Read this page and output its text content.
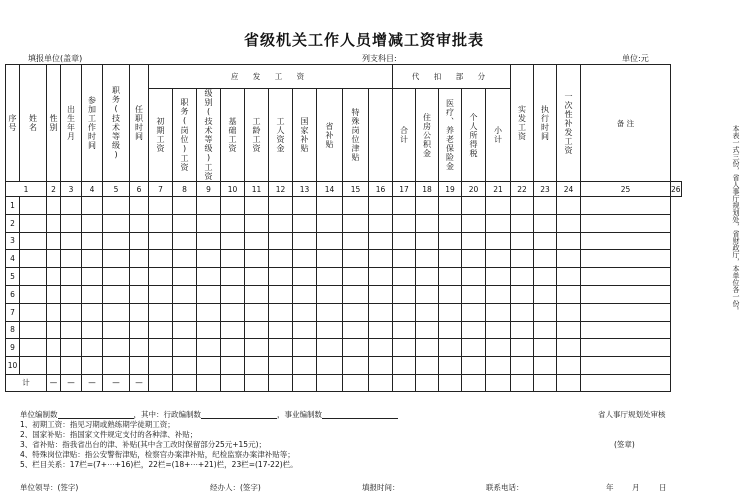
省级机关工作人员增减工资审批表
填报单位(盖章)	列支科目:	单位:元
序号	姓名	性别	出生年月	参加工作时间	职务(技术等级)	任职时间	应 发 工 资										代 扣 部 分					实发工资	执行时间	一次性补发工资	备 注	

							初期工资	职务(岗位)工资	级别(技术等级)工资	基础工资	工龄工资	工人资金	国家补贴	省补贴	特殊岗位津贴		合计	住房公积金	医疗、养老保险金	个人所得税	小计					

1		2	3	4	5	6	7	8	9	10	11	12	13	14	15	16	17	18	19	20	21	22	23	24	25	26
1																										
2																										
3																										
4																										
5																										
6																										
7																										
8																										
9																										
10																										
计		—	—	—	—	—																				
本表一式三份，省人事厅规划处，省财政厅，本单位各一份。
单位编制数	，其中：行政编制数	，事业编制数	省人事厅规划处审核
1、初期工资：指见习期或熟练期学徒期工资；
2、国家补贴：指国家文件规定支付的各种津、补贴；
3、省补贴：指我省出台的津、补贴(其中含工改时保留部分25元+15元)；	(签章)
4、特殊岗位津贴：指公安警衔津贴，检察官办案津补贴，纪检监察办案津补贴等；
5、栏目关系：17栏=(7+⋯+16)栏，22栏=(18+⋯+21)栏，23栏=(17-22)栏。
单位领导：(签字)	经办人：(签字)	填报时间：	联系电话：	年 月	日
